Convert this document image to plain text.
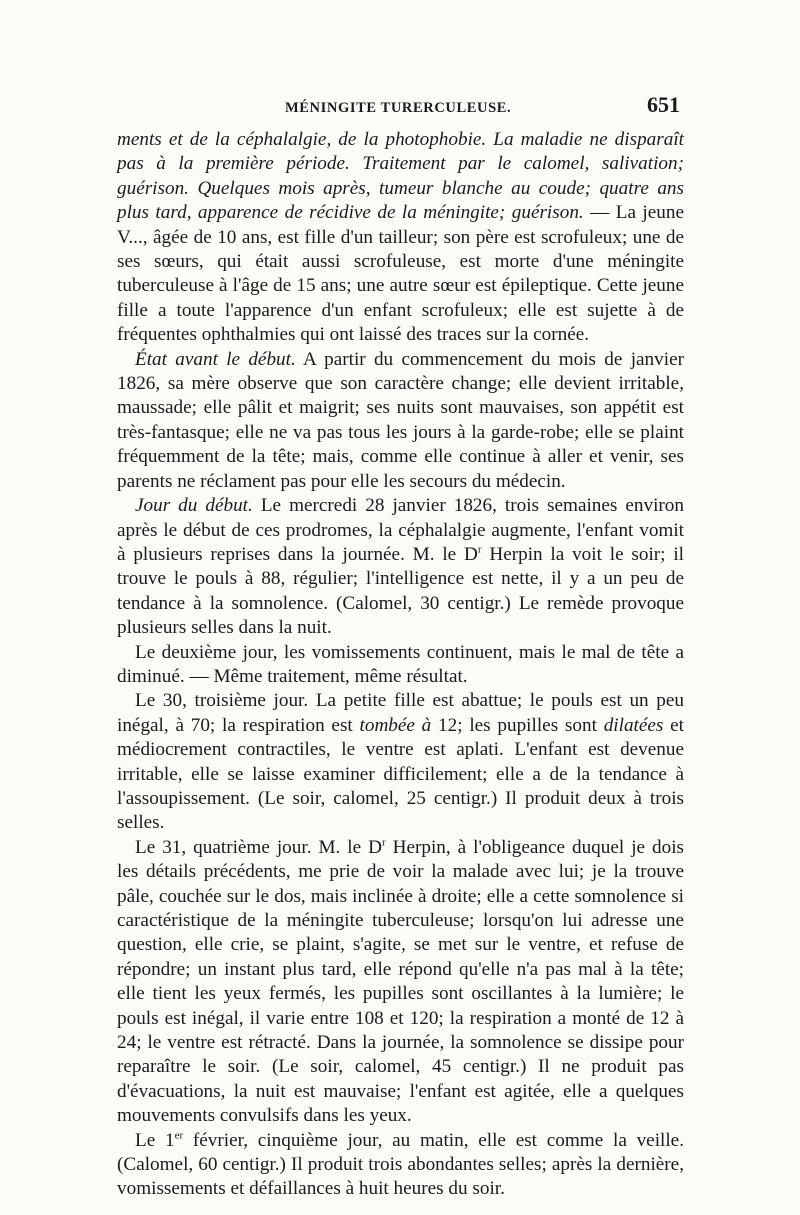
MÉNINGITE TURERCULEUSE.	651

ments et de la céphalalgie, de la photophobie. La maladie ne disparaît pas à la première période. Traitement par le calomel, salivation; guérison. Quelques mois après, tumeur blanche au coude; quatre ans plus tard, apparence de récidive de la méningite; guérison. — La jeune V..., âgée de 10 ans, est fille d'un tailleur; son père est scrofuleux; une de ses sœurs, qui était aussi scrofuleuse, est morte d'une méningite tuberculeuse à l'âge de 15 ans; une autre sœur est épileptique. Cette jeune fille a toute l'apparence d'un enfant scrofuleux; elle est sujette à de fréquentes ophthalmies qui ont laissé des traces sur la cornée.

État avant le début. A partir du commencement du mois de janvier 1826, sa mère observe que son caractère change; elle devient irritable, maussade; elle pâlit et maigrit; ses nuits sont mauvaises, son appétit est très-fantasque; elle ne va pas tous les jours à la garde-robe; elle se plaint fréquemment de la tête; mais, comme elle continue à aller et venir, ses parents ne réclament pas pour elle les secours du médecin.

Jour du début. Le mercredi 28 janvier 1826, trois semaines environ après le début de ces prodromes, la céphalalgie augmente, l'enfant vomit à plusieurs reprises dans la journée. M. le $D^r$ Herpin la voit le soir; il trouve le pouls à 88, régulier; l'intelligence est nette, il y a un peu de tendance à la somnolence. (Calomel, 30 centigr.) Le remède provoque plusieurs selles dans la nuit.

Le deuxième jour, les vomissements continuent, mais le mal de tête a diminué. — Même traitement, même résultat.

Le 30, troisième jour. La petite fille est abattue; le pouls est un peu inégal, à 70; la respiration est tombée à 12; les pupilles sont dilatées et médiocrement contractiles, le ventre est aplati. L'enfant est devenue irritable, elle se laisse examiner difficilement; elle a de la tendance à l'assoupissement. (Le soir, calomel, 25 centigr.) Il produit deux à trois selles.

Le 31, quatrième jour. M. le $D^r$ Herpin, à l'obligeance duquel je dois les détails précédents, me prie de voir la malade avec lui; je la trouve pâle, couchée sur le dos, mais inclinée à droite; elle a cette somnolence si caractéristique de la méningite tuberculeuse; lorsqu'on lui adresse une question, elle crie, se plaint, s'agite, se met sur le ventre, et refuse de répondre; un instant plus tard, elle répond qu'elle n'a pas mal à la tête; elle tient les yeux fermés, les pupilles sont oscillantes à la lumière; le pouls est inégal, il varie entre 108 et 120; la respiration a monté de 12 à 24; le ventre est rétracté. Dans la journée, la somnolence se dissipe pour reparaître le soir. (Le soir, calomel, 45 centigr.) Il ne produit pas d'évacuations, la nuit est mauvaise; l'enfant est agitée, elle a quelques mouvements convulsifs dans les yeux.

Le 1er février, cinquième jour, au matin, elle est comme la veille. (Calomel, 60 centigr.) Il produit trois abondantes selles; après la dernière, vomissements et défaillances à huit heures du soir.
